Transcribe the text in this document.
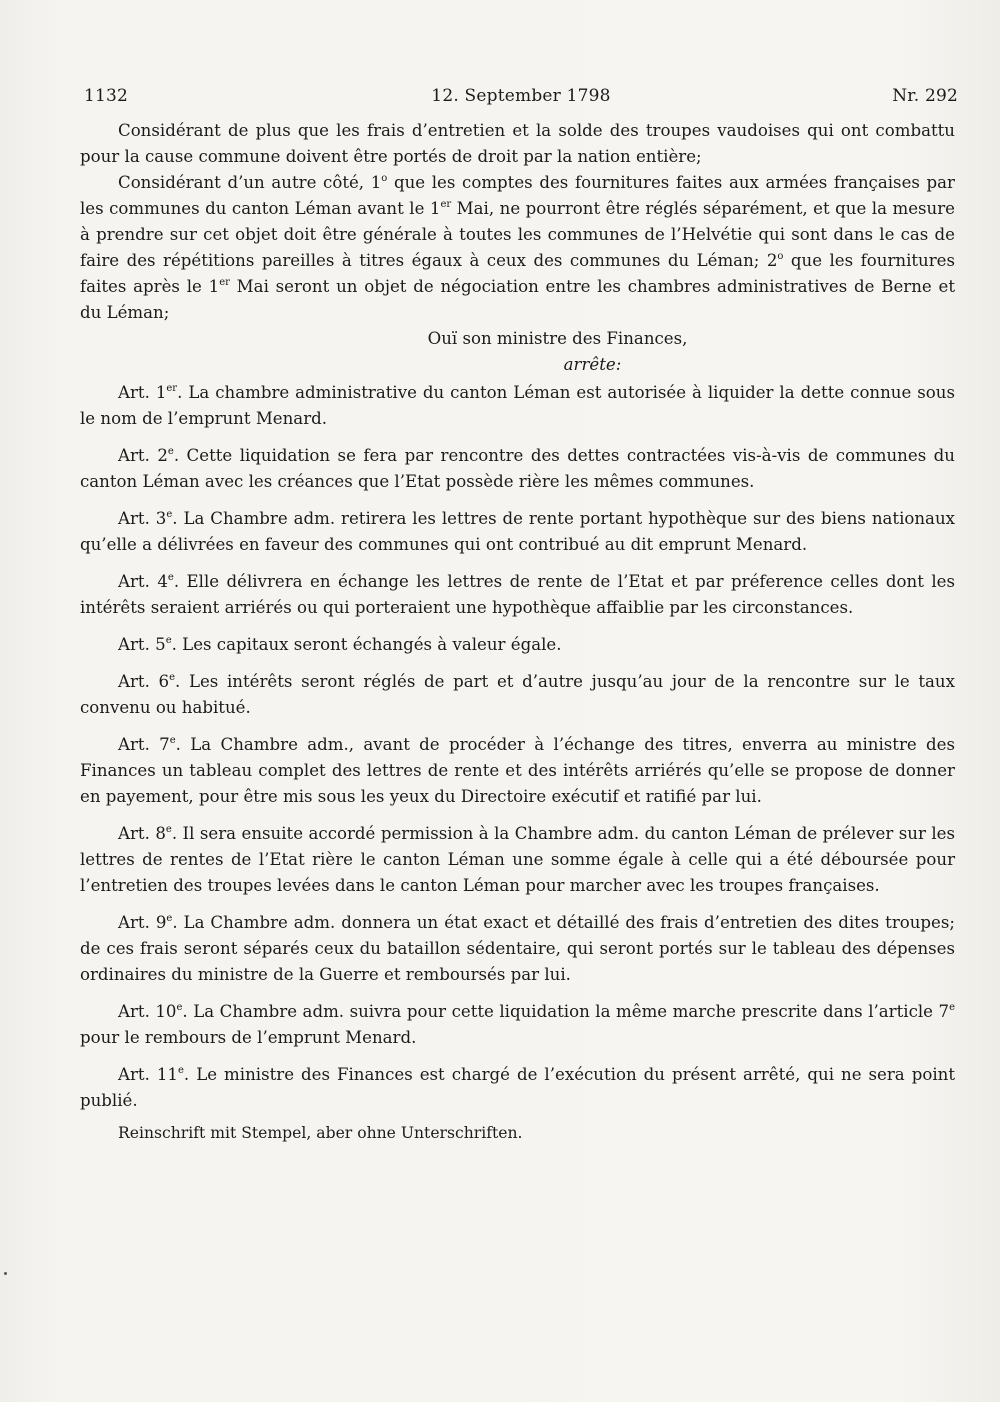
1132	12. September 1798	Nr. 292

Considérant de plus que les frais d’entretien et la solde des troupes vaudoises qui ont combattu pour la cause commune doivent être portés de droit par la nation entière;

Considérant d’un autre côté, 1$^o$ que les comptes des fournitures faites aux armées françaises par les communes du canton Léman avant le 1er Mai, ne pourront être réglés séparément, et que la mesure à prendre sur cet objet doit être générale à toutes les communes de l’Helvétie qui sont dans le cas de faire des répétitions pareilles à titres égaux à ceux des communes du Léman; 2$^o$ que les fournitures faites après le 1er Mai seront un objet de négociation entre les chambres administratives de Berne et du Léman;

Ouï son ministre des Finances,

arrête:

Art. 1er. La chambre administrative du canton Léman est autorisée à liquider la dette connue sous le nom de l’emprunt Menard.

Art. 2e. Cette liquidation se fera par rencontre des dettes contractées vis-à-vis de communes du canton Léman avec les créances que l’Etat possède rière les mêmes communes.

Art. 3e. La Chambre adm. retirera les lettres de rente portant hypothèque sur des biens nationaux qu’elle a délivrées en faveur des communes qui ont contribué au dit emprunt Menard.

Art. 4e. Elle délivrera en échange les lettres de rente de l’Etat et par préference celles dont les intérêts seraient arriérés ou qui porteraient une hypothèque affaiblie par les circonstances.

Art. 5e. Les capitaux seront échangés à valeur égale.

Art. 6e. Les intérêts seront réglés de part et d’autre jusqu’au jour de la rencontre sur le taux convenu ou habitué.

Art. 7e. La Chambre adm., avant de procéder à l’échange des titres, enverra au ministre des Finances un tableau complet des lettres de rente et des intérêts arriérés qu’elle se propose de donner en payement, pour être mis sous les yeux du Directoire exécutif et ratifié par lui.

Art. 8e. Il sera ensuite accordé permission à la Chambre adm. du canton Léman de prélever sur les lettres de rentes de l’Etat rière le canton Léman une somme égale à celle qui a été déboursée pour l’entretien des troupes levées dans le canton Léman pour marcher avec les troupes françaises.

Art. 9e. La Chambre adm. donnera un état exact et détaillé des frais d’entretien des dites troupes; de ces frais seront séparés ceux du bataillon sédentaire, qui seront portés sur le tableau des dépenses ordinaires du ministre de la Guerre et remboursés par lui.

Art. 10e. La Chambre adm. suivra pour cette liquidation la même marche prescrite dans l’article 7e pour le rembours de l’emprunt Menard.

Art. 11e. Le ministre des Finances est chargé de l’exécution du présent arrêté, qui ne sera point publié.

Reinschrift mit Stempel, aber ohne Unterschriften.
